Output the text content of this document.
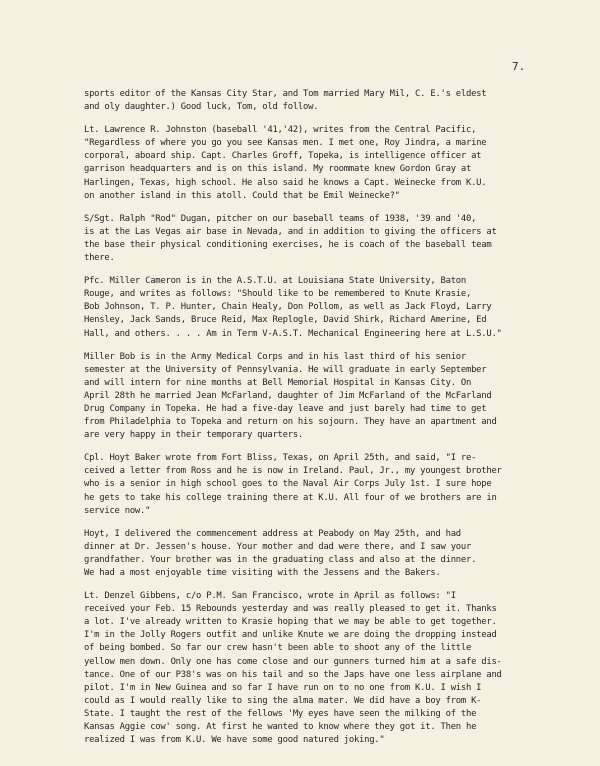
7.

sports editor of the Kansas City Star, and Tom married Mary Mil, C. E.'s eldest
and oly daughter.) Good luck, Tom, old follow.

Lt. Lawrence R. Johnston (baseball '41,'42), writes from the Central Pacific,
"Regardless of where you go you see Kansas men. I met one, Roy Jindra, a marine
corporal, aboard ship. Capt. Charles Groff, Topeka, is intelligence officer at
garrison headquarters and is on this island. My roommate knew Gordon Gray at
Harlingen, Texas, high school. He also said he knows a Capt. Weinecke from K.U.
on another island in this atoll. Could that be Emil Weinecke?"

S/Sgt. Ralph "Rod" Dugan, pitcher on our baseball teams of 1938, '39 and '40,
is at the Las Vegas air base in Nevada, and in addition to giving the officers at
the base their physical conditioning exercises, he is coach of the baseball team
there.

Pfc. Miller Cameron is in the A.S.T.U. at Louisiana State University, Baton
Rouge, and writes as follows: "Should like to be remembered to Knute Krasie,
Bob Johnson, T. P. Hunter, Chain Healy, Don Pollom, as well as Jack Floyd, Larry
Hensley, Jack Sands, Bruce Reid, Max Replogle, David Shirk, Richard Amerine, Ed
Hall, and others. . . . Am in Term V-A.S.T. Mechanical Engineering here at L.S.U."

Miller Bob is in the Army Medical Corps and in his last third of his senior
semester at the University of Pennsylvania. He will graduate in early September
and will intern for nine months at Bell Memorial Hospital in Kansas City. On
April 28th he married Jean McFarland, daughter of Jim McFarland of the McFarland
Drug Company in Topeka. He had a five-day leave and just barely had time to get
from Philadelphia to Topeka and return on his sojourn. They have an apartment and
are very happy in their temporary quarters.

Cpl. Hoyt Baker wrote from Fort Bliss, Texas, on April 25th, and said, "I re-
ceived a letter from Ross and he is now in Ireland. Paul, Jr., my youngest brother
who is a senior in high school goes to the Naval Air Corps July 1st. I sure hope
he gets to take his college training there at K.U. All four of we brothers are in
service now."

Hoyt, I delivered the commencement address at Peabody on May 25th, and had
dinner at Dr. Jessen's house. Your mother and dad were there, and I saw your
grandfather. Your brother was in the graduating class and also at the dinner.
We had a most enjoyable time visiting with the Jessens and the Bakers.

Lt. Denzel Gibbens, c/o P.M. San Francisco, wrote in April as follows: "I
received your Feb. 15 Rebounds yesterday and was really pleased to get it. Thanks
a lot. I've already written to Krasie hoping that we may be able to get together.
I'm in the Jolly Rogers outfit and unlike Knute we are doing the dropping instead
of being bombed. So far our crew hasn't been able to shoot any of the little
yellow men down. Only one has come close and our gunners turned him at a safe dis-
tance. One of our P38's was on his tail and so the Japs have one less airplane and
pilot. I'm in New Guinea and so far I have run on to no one from K.U. I wish I
could as I would really like to sing the alma mater. We did have a boy from K-
State. I taught the rest of the fellows 'My eyes have seen the milking of the
Kansas Aggie cow' song. At first he wanted to know where they got it. Then he
realized I was from K.U. We have some good natured joking."
